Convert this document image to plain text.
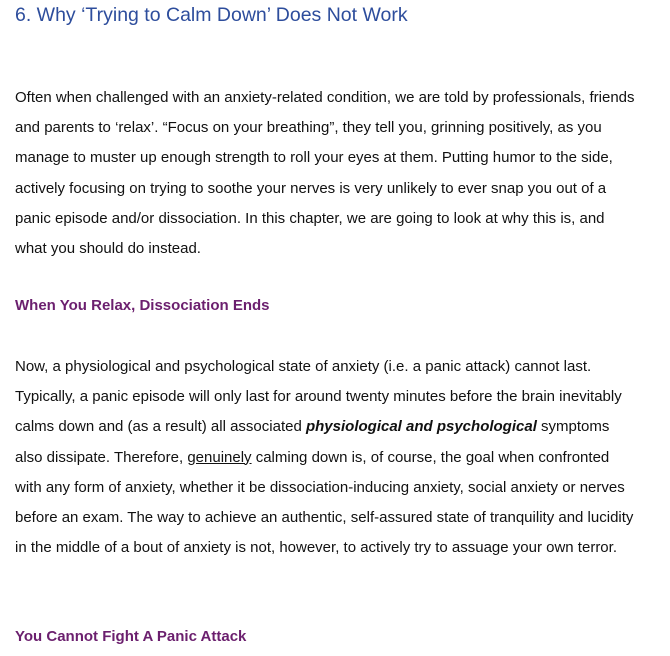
6. Why ‘Trying to Calm Down’ Does Not Work

Often when challenged with an anxiety-related condition, we are told by professionals, friends and parents to ‘relax’. “Focus on your breathing”, they tell you, grinning positively, as you manage to muster up enough strength to roll your eyes at them. Putting humor to the side, actively focusing on trying to soothe your nerves is very unlikely to ever snap you out of a panic episode and/or dissociation. In this chapter, we are going to look at why this is, and what you should do instead.

When You Relax, Dissociation Ends

Now, a physiological and psychological state of anxiety (i.e. a panic attack) cannot last. Typically, a panic episode will only last for around twenty minutes before the brain inevitably calms down and (as a result) all associated physiological and psychological symptoms also dissipate. Therefore, genuinely calming down is, of course, the goal when confronted with any form of anxiety, whether it be dissociation-inducing anxiety, social anxiety or nerves before an exam. The way to achieve an authentic, self-assured state of tranquility and lucidity in the middle of a bout of anxiety is not, however, to actively try to assuage your own terror.

You Cannot Fight A Panic Attack
